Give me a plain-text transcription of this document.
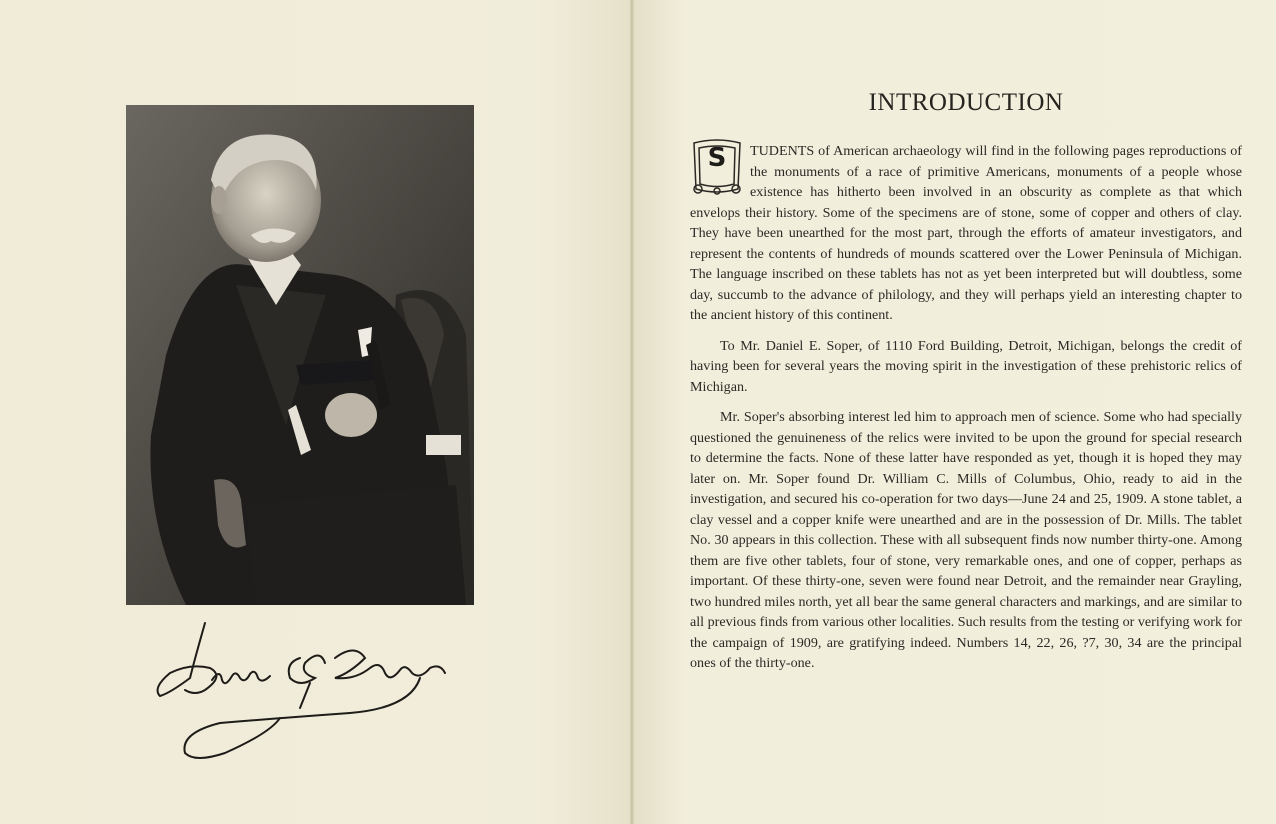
INTRODUCTION

S	TUDENTS of American archaeology will find in the following pages reproductions of the monuments of a race of primitive Americans, monuments of a people whose existence has hitherto been involved in an obscurity as complete as that which envelops their history. Some of the specimens are of stone, some of copper and others of clay. They have been unearthed for the most part, through the efforts of amateur investigators, and represent the contents of hundreds of mounds scattered over the Lower Peninsula of Michigan. The language inscribed on these tablets has not as yet been interpreted but will doubtless, some day, succumb to the advance of philology, and they will perhaps yield an interesting chapter to the ancient history of this continent.

To Mr. Daniel E. Soper, of 1110 Ford Building, Detroit, Michigan, belongs the credit of having been for several years the moving spirit in the investigation of these prehistoric relics of Michigan.

Mr. Soper's absorbing interest led him to approach men of science. Some who had specially questioned the genuineness of the relics were invited to be upon the ground for special research to determine the facts. None of these latter have responded as yet, though it is hoped they may later on. Mr. Soper found Dr. William C. Mills of Columbus, Ohio, ready to aid in the investigation, and secured his co-operation for two days—June 24 and 25, 1909. A stone tablet, a clay vessel and a copper knife were unearthed and are in the possession of Dr. Mills. The tablet No. 30 appears in this collection. These with all subsequent finds now number thirty-one. Among them are five other tablets, four of stone, very remarkable ones, and one of copper, perhaps as important. Of these thirty-one, seven were found near Detroit, and the remainder near Grayling, two hundred miles north, yet all bear the same general characters and markings, and are similar to all previous finds from various other localities. Such results from the testing or verifying work for the campaign of 1909, are gratifying indeed. Numbers 14, 22, 26, ?7, 30, 34 are the principal ones of the thirty-one.
